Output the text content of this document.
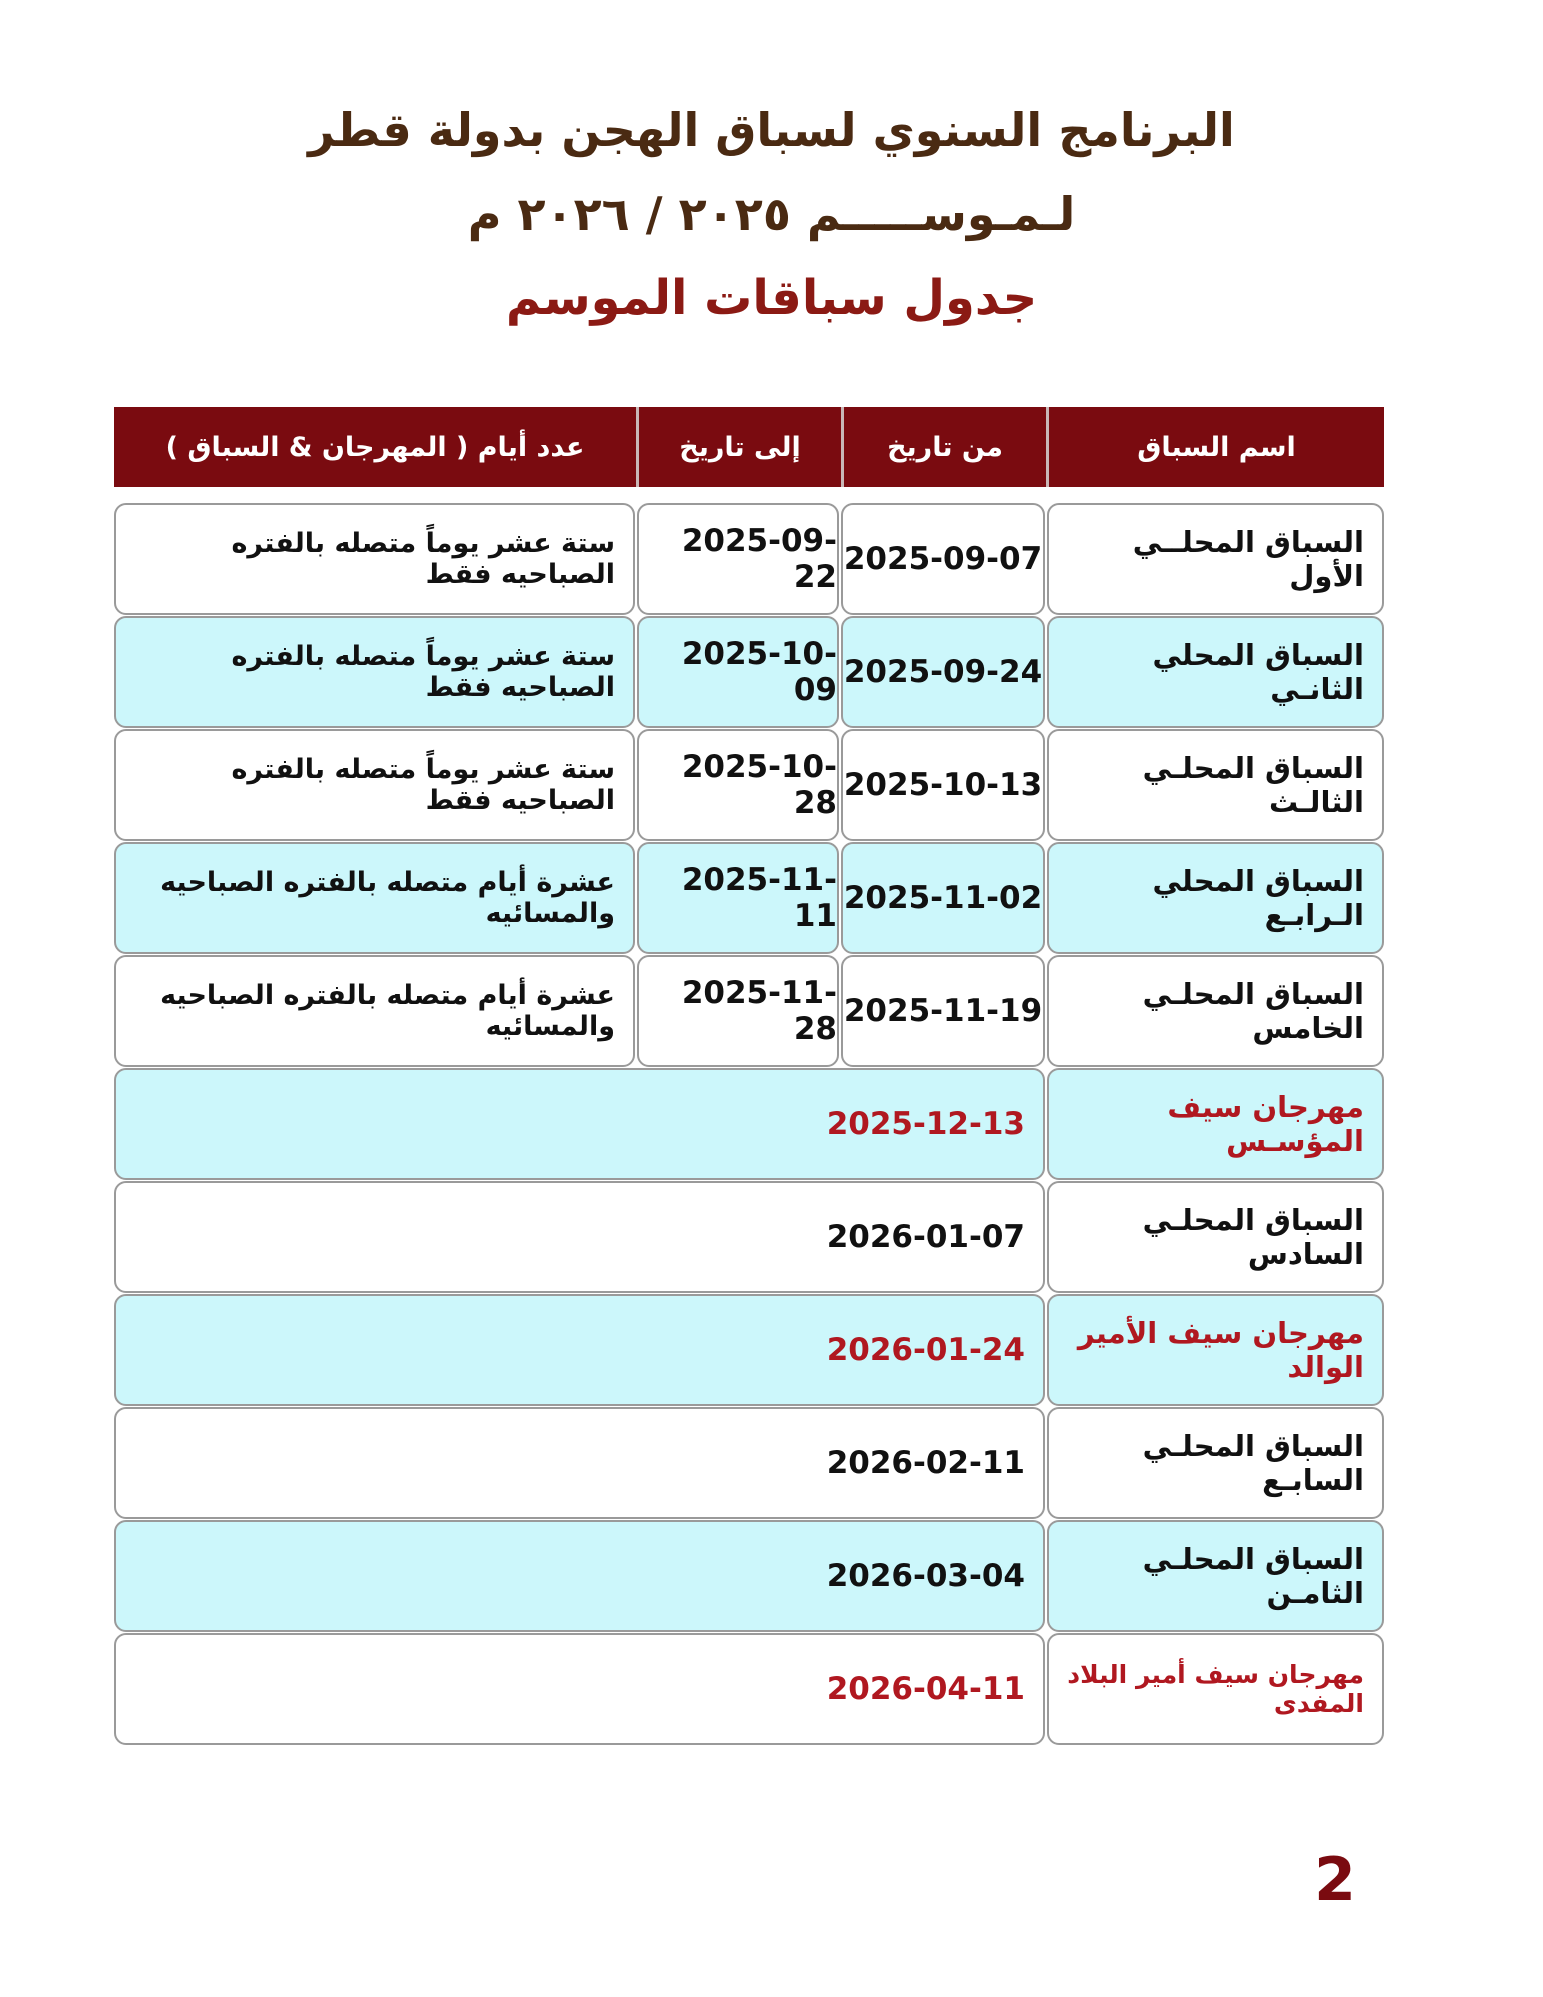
البرنامج السنوي لسباق الهجن بدولة قطر
لـمـوســـــم ٢٠٢٥ / ٢٠٢٦ م
جدول سباقات الموسم
اسم السباق
من تاريخ
إلى تاريخ
عدد أيام ( المهرجان & السباق )
السباق المحلــي الأول
2025-09-07
2025-09-22
ستة عشر يوماً متصله بالفتره الصباحيه فقط
السباق المحلي الثانـي
2025-09-24
2025-10-09
ستة عشر يوماً متصله بالفتره الصباحيه فقط
السباق المحلـي الثالـث
2025-10-13
2025-10-28
ستة عشر يوماً متصله بالفتره الصباحيه فقط
السباق المحلي الـرابـع
2025-11-02
2025-11-11
عشرة أيام متصله بالفتره الصباحيه والمسائيه
السباق المحلـي الخامس
2025-11-19
2025-11-28
عشرة أيام متصله بالفتره الصباحيه والمسائيه
مهرجان سيف المؤسـس
2025-12-13
السباق المحلـي السادس
2026-01-07
مهرجان سيف الأمير الوالد
2026-01-24
السباق المحلـي السابـع
2026-02-11
السباق المحلـي الثامـن
2026-03-04
مهرجان سيف أمير البلاد المفدى
2026-04-11
2
